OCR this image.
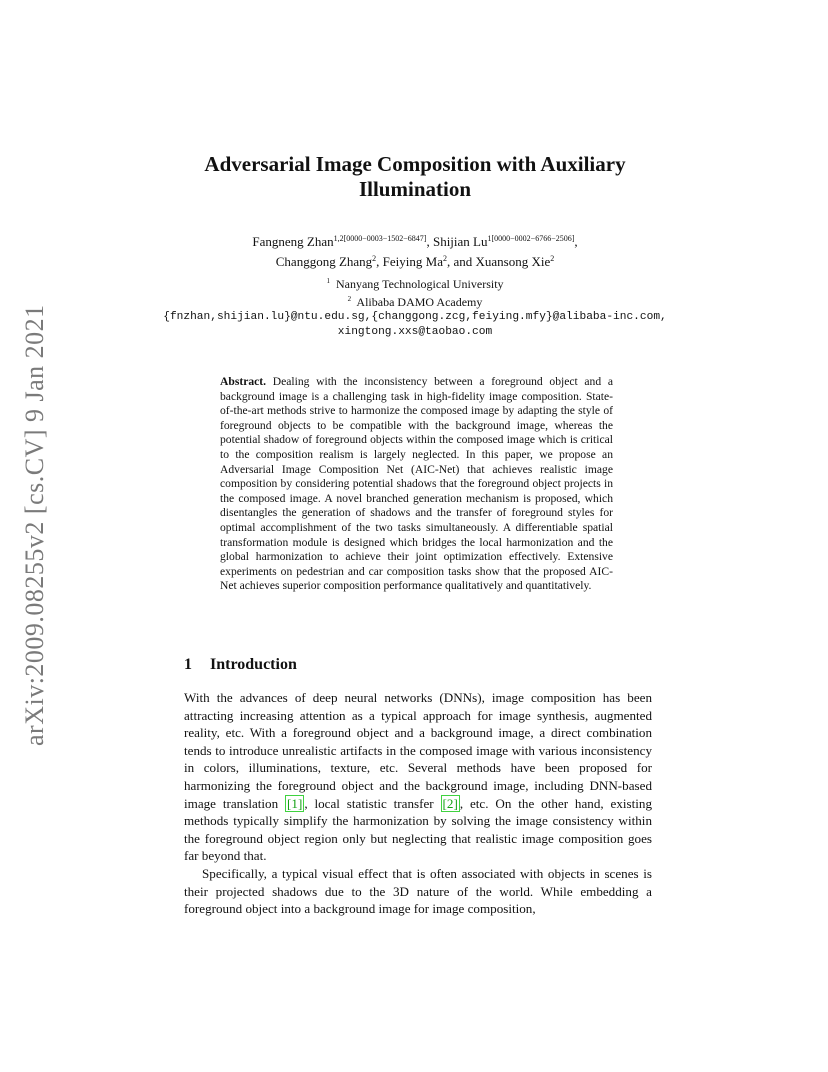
arXiv:2009.08255v2 [cs.CV] 9 Jan 2021
Adversarial Image Composition with Auxiliary
Illumination
Fangneng Zhan$^{1,2[0000-0003-1502-6847]}$, Shijian $Lu^{1[0000-0002-6766-2506]}$,
Changgong Zhang$^2$, Feiying Ma$^2$, and Xuansong Xie$^2$
$^1$ Nanyang Technological University
$^2$ Alibaba DAMO Academy
{fnzhan,shijian.lu}@ntu.edu.sg,{changgong.zcg,feiying.mfy}@alibaba-inc.com,
xingtong.xxs@taobao.com
Abstract. Dealing with the inconsistency between a foreground object and a background image is a challenging task in high-fidelity image composition. State-of-the-art methods strive to harmonize the composed image by adapting the style of foreground objects to be compatible with the background image, whereas the potential shadow of foreground objects within the composed image which is critical to the composition realism is largely neglected. In this paper, we propose an Adversarial Image Composition Net (AIC-Net) that achieves realistic image composition by considering potential shadows that the foreground object projects in the composed image. A novel branched generation mechanism is proposed, which disentangles the generation of shadows and the transfer of foreground styles for optimal accomplishment of the two tasks simultaneously. A differentiable spatial transformation module is designed which bridges the local harmonization and the global harmonization to achieve their joint optimization effectively. Extensive experiments on pedestrian and car composition tasks show that the proposed AIC-Net achieves superior composition performance qualitatively and quantitatively.
1 Introduction

With the advances of deep neural networks (DNNs), image composition has been attracting increasing attention as a typical approach for image synthesis, augmented reality, etc. With a foreground object and a background image, a direct combination tends to introduce unrealistic artifacts in the composed image with various inconsistency in colors, illuminations, texture, etc. Several methods have been proposed for harmonizing the foreground object and the background image, including DNN-based image translation [1] , local statistic transfer [2] , etc. On the other hand, existing methods typically simplify the harmonization by solving the image consistency within the foreground object region only but neglecting that realistic image composition goes far beyond that.

Specifically, a typical visual effect that is often associated with objects in scenes is their projected shadows due to the 3D nature of the world. While embedding a foreground object into a background image for image composition,
